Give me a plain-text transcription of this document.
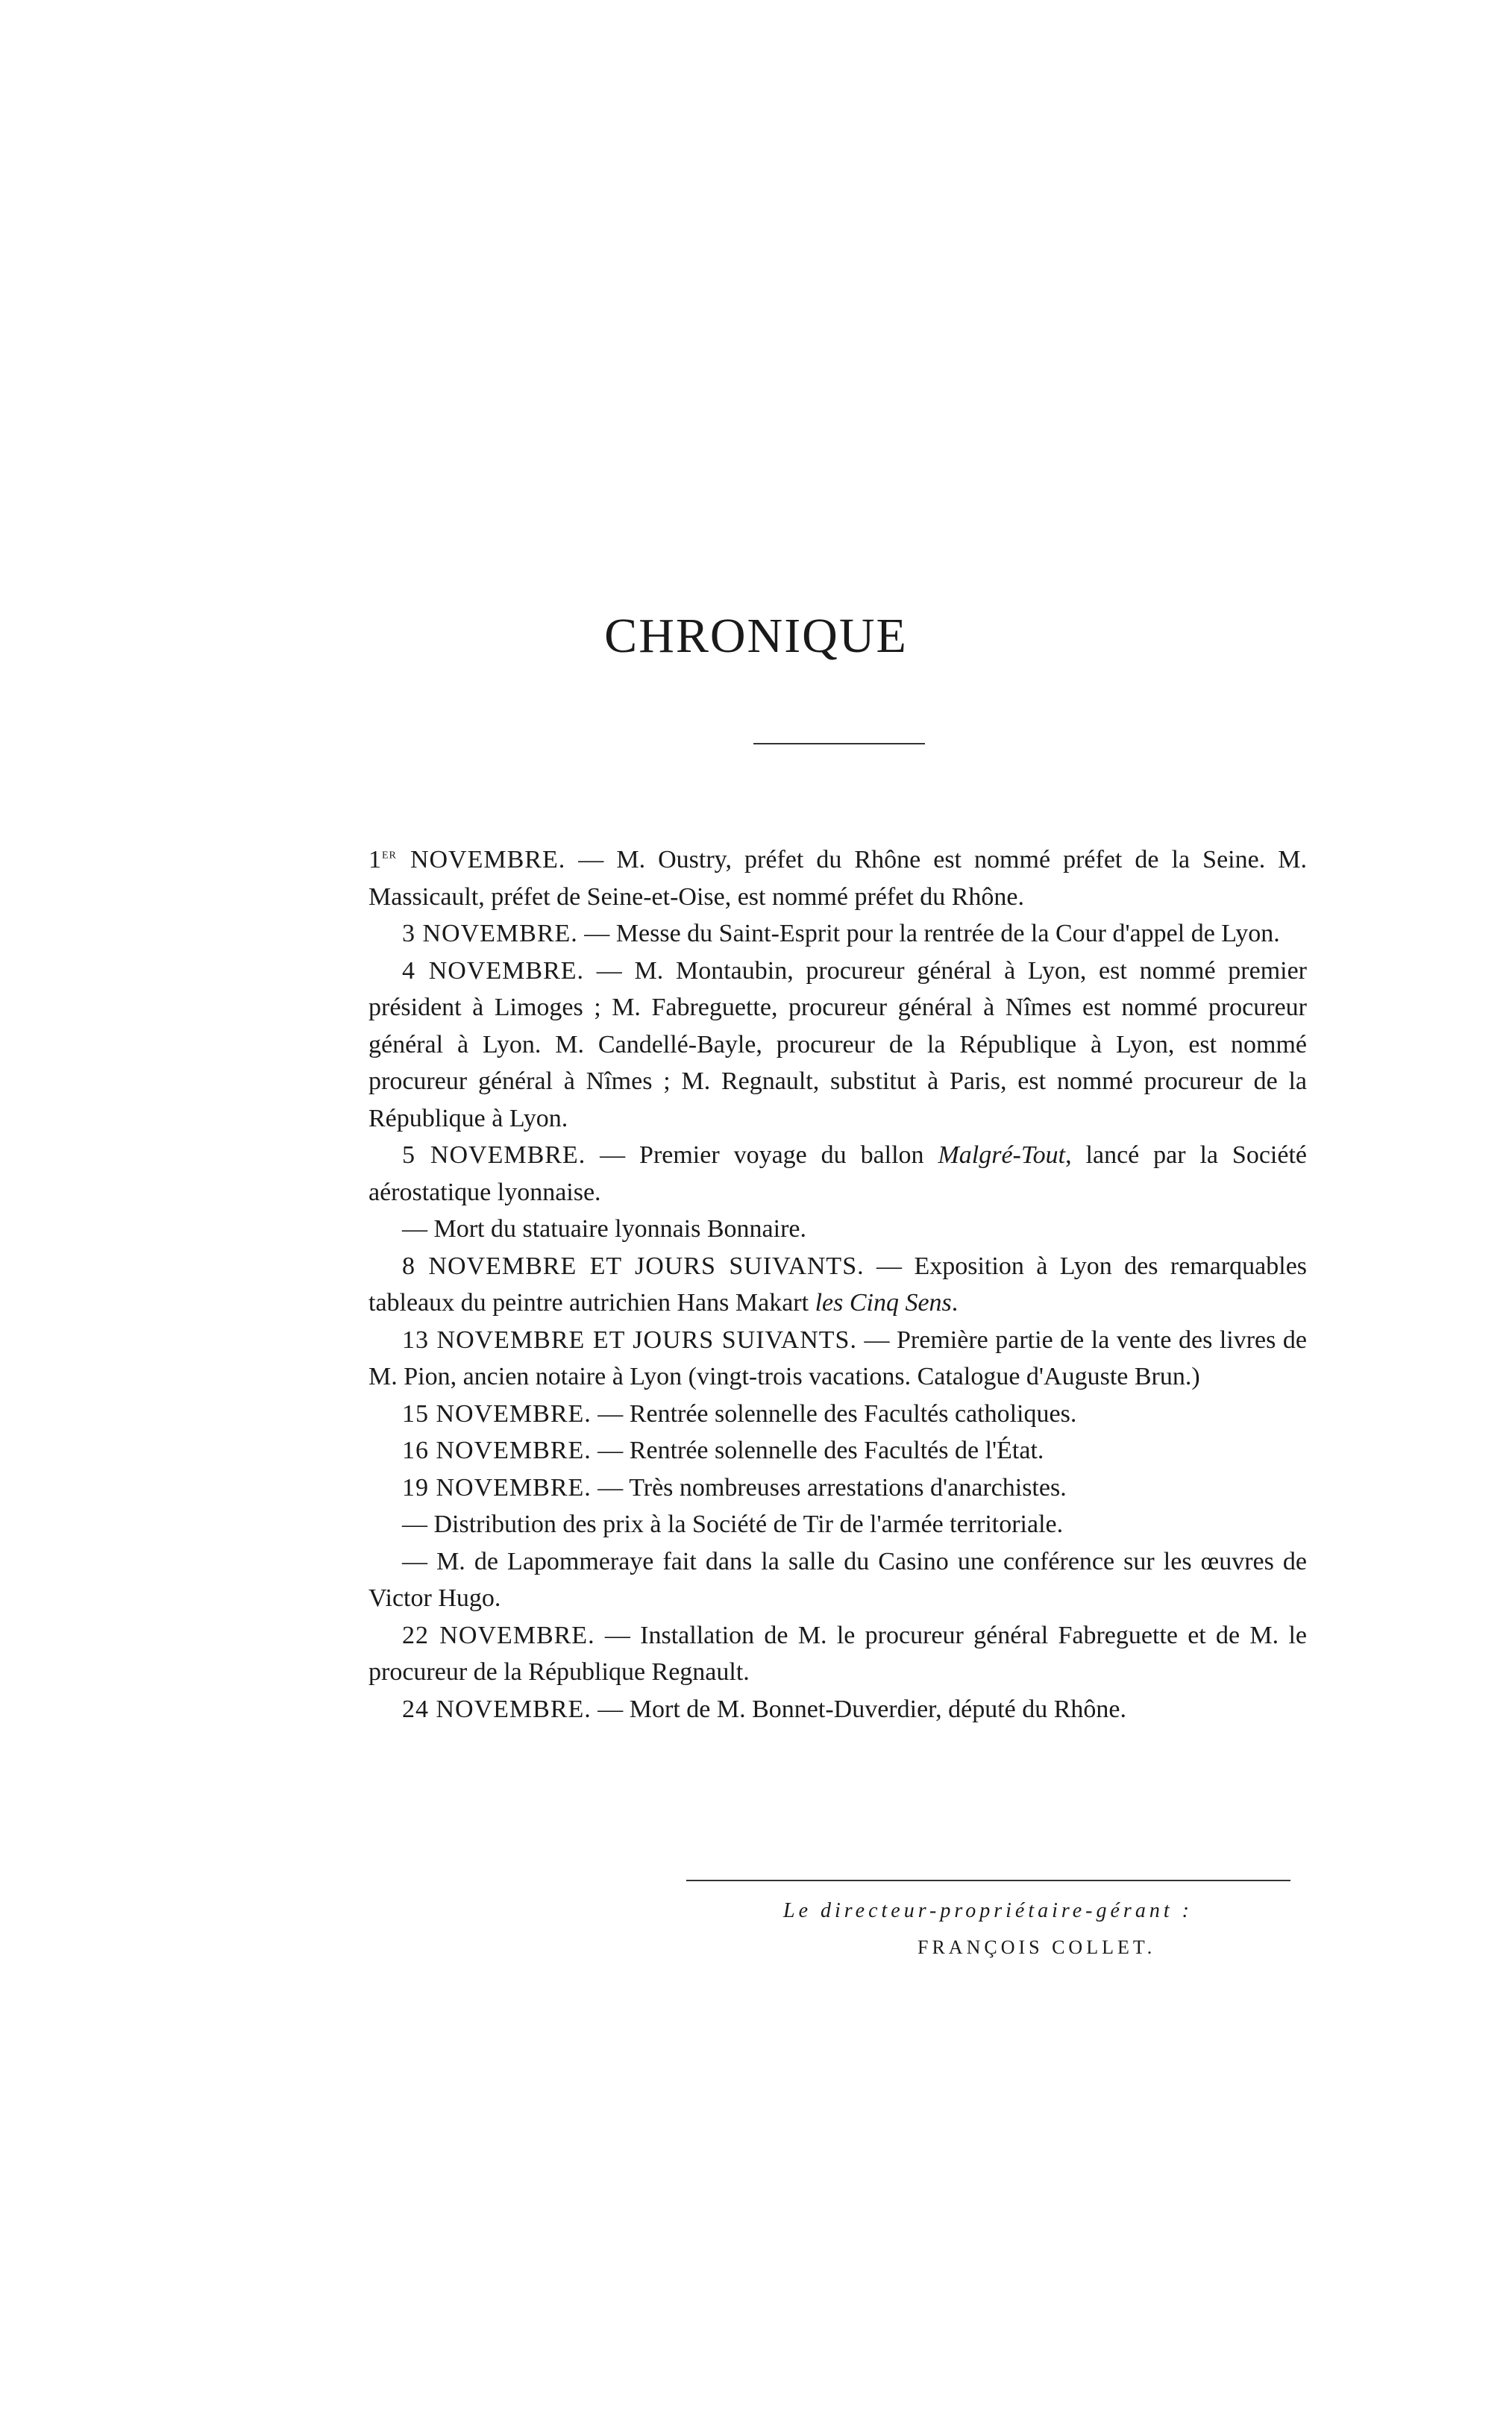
CHRONIQUE

1er NOVEMBRE. — M. Oustry, préfet du Rhône est nommé préfet de la Seine. M. Massicault, préfet de Seine-et-Oise, est nommé préfet du Rhône.

3 NOVEMBRE. — Messe du Saint-Esprit pour la rentrée de la Cour d'appel de Lyon.

4 NOVEMBRE. — M. Montaubin, procureur général à Lyon, est nommé premier président à Limoges ; M. Fabreguette, procureur général à Nîmes est nommé procureur général à Lyon. M. Candellé-Bayle, procureur de la République à Lyon, est nommé procureur général à Nîmes ; M. Regnault, substitut à Paris, est nommé procureur de la République à Lyon.

5 NOVEMBRE. — Premier voyage du ballon Malgré-Tout, lancé par la Société aérostatique lyonnaise.

— Mort du statuaire lyonnais Bonnaire.

8 NOVEMBRE ET JOURS SUIVANTS. — Exposition à Lyon des remarquables tableaux du peintre autrichien Hans Makart les Cinq Sens.

13 NOVEMBRE ET JOURS SUIVANTS. — Première partie de la vente des livres de M. Pion, ancien notaire à Lyon (vingt-trois vacations. Catalogue d'Auguste Brun.)

15 NOVEMBRE. — Rentrée solennelle des Facultés catholiques.

16 NOVEMBRE. — Rentrée solennelle des Facultés de l'État.

19 NOVEMBRE. — Très nombreuses arrestations d'anarchistes.

— Distribution des prix à la Société de Tir de l'armée territoriale.

— M. de Lapommeraye fait dans la salle du Casino une conférence sur les œuvres de Victor Hugo.

22 NOVEMBRE. — Installation de M. le procureur général Fabreguette et de M. le procureur de la République Regnault.

24 NOVEMBRE. — Mort de M. Bonnet-Duverdier, député du Rhône.

Le directeur-propriétaire-gérant :

FRANÇOIS COLLET.
